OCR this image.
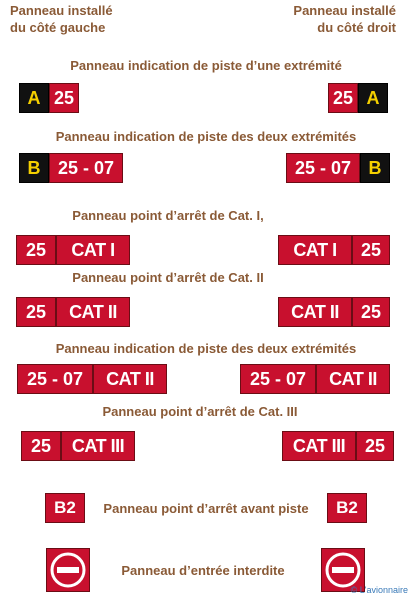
Panneau installé
du côté gauche
Panneau installé
du côté droit
Panneau indication de piste d’une extrémité
A 25	25 A
Panneau indication de piste des deux extrémités
B 25 - 07	25 - 07 B
Panneau point d’arrêt de Cat. I,
25	CAT I	CAT I	25
Panneau point d’arrêt de Cat. II
25	CAT II	CAT II	25
Panneau indication de piste des deux extrémités
25 - 07	CAT II	25 - 07	CAT II
Panneau point d’arrêt de Cat. III
25	CAT III	CAT III	25
B2	Panneau point d’arrêt avant piste	B2
Panneau d’entrée interdite
© L'avionnaire
